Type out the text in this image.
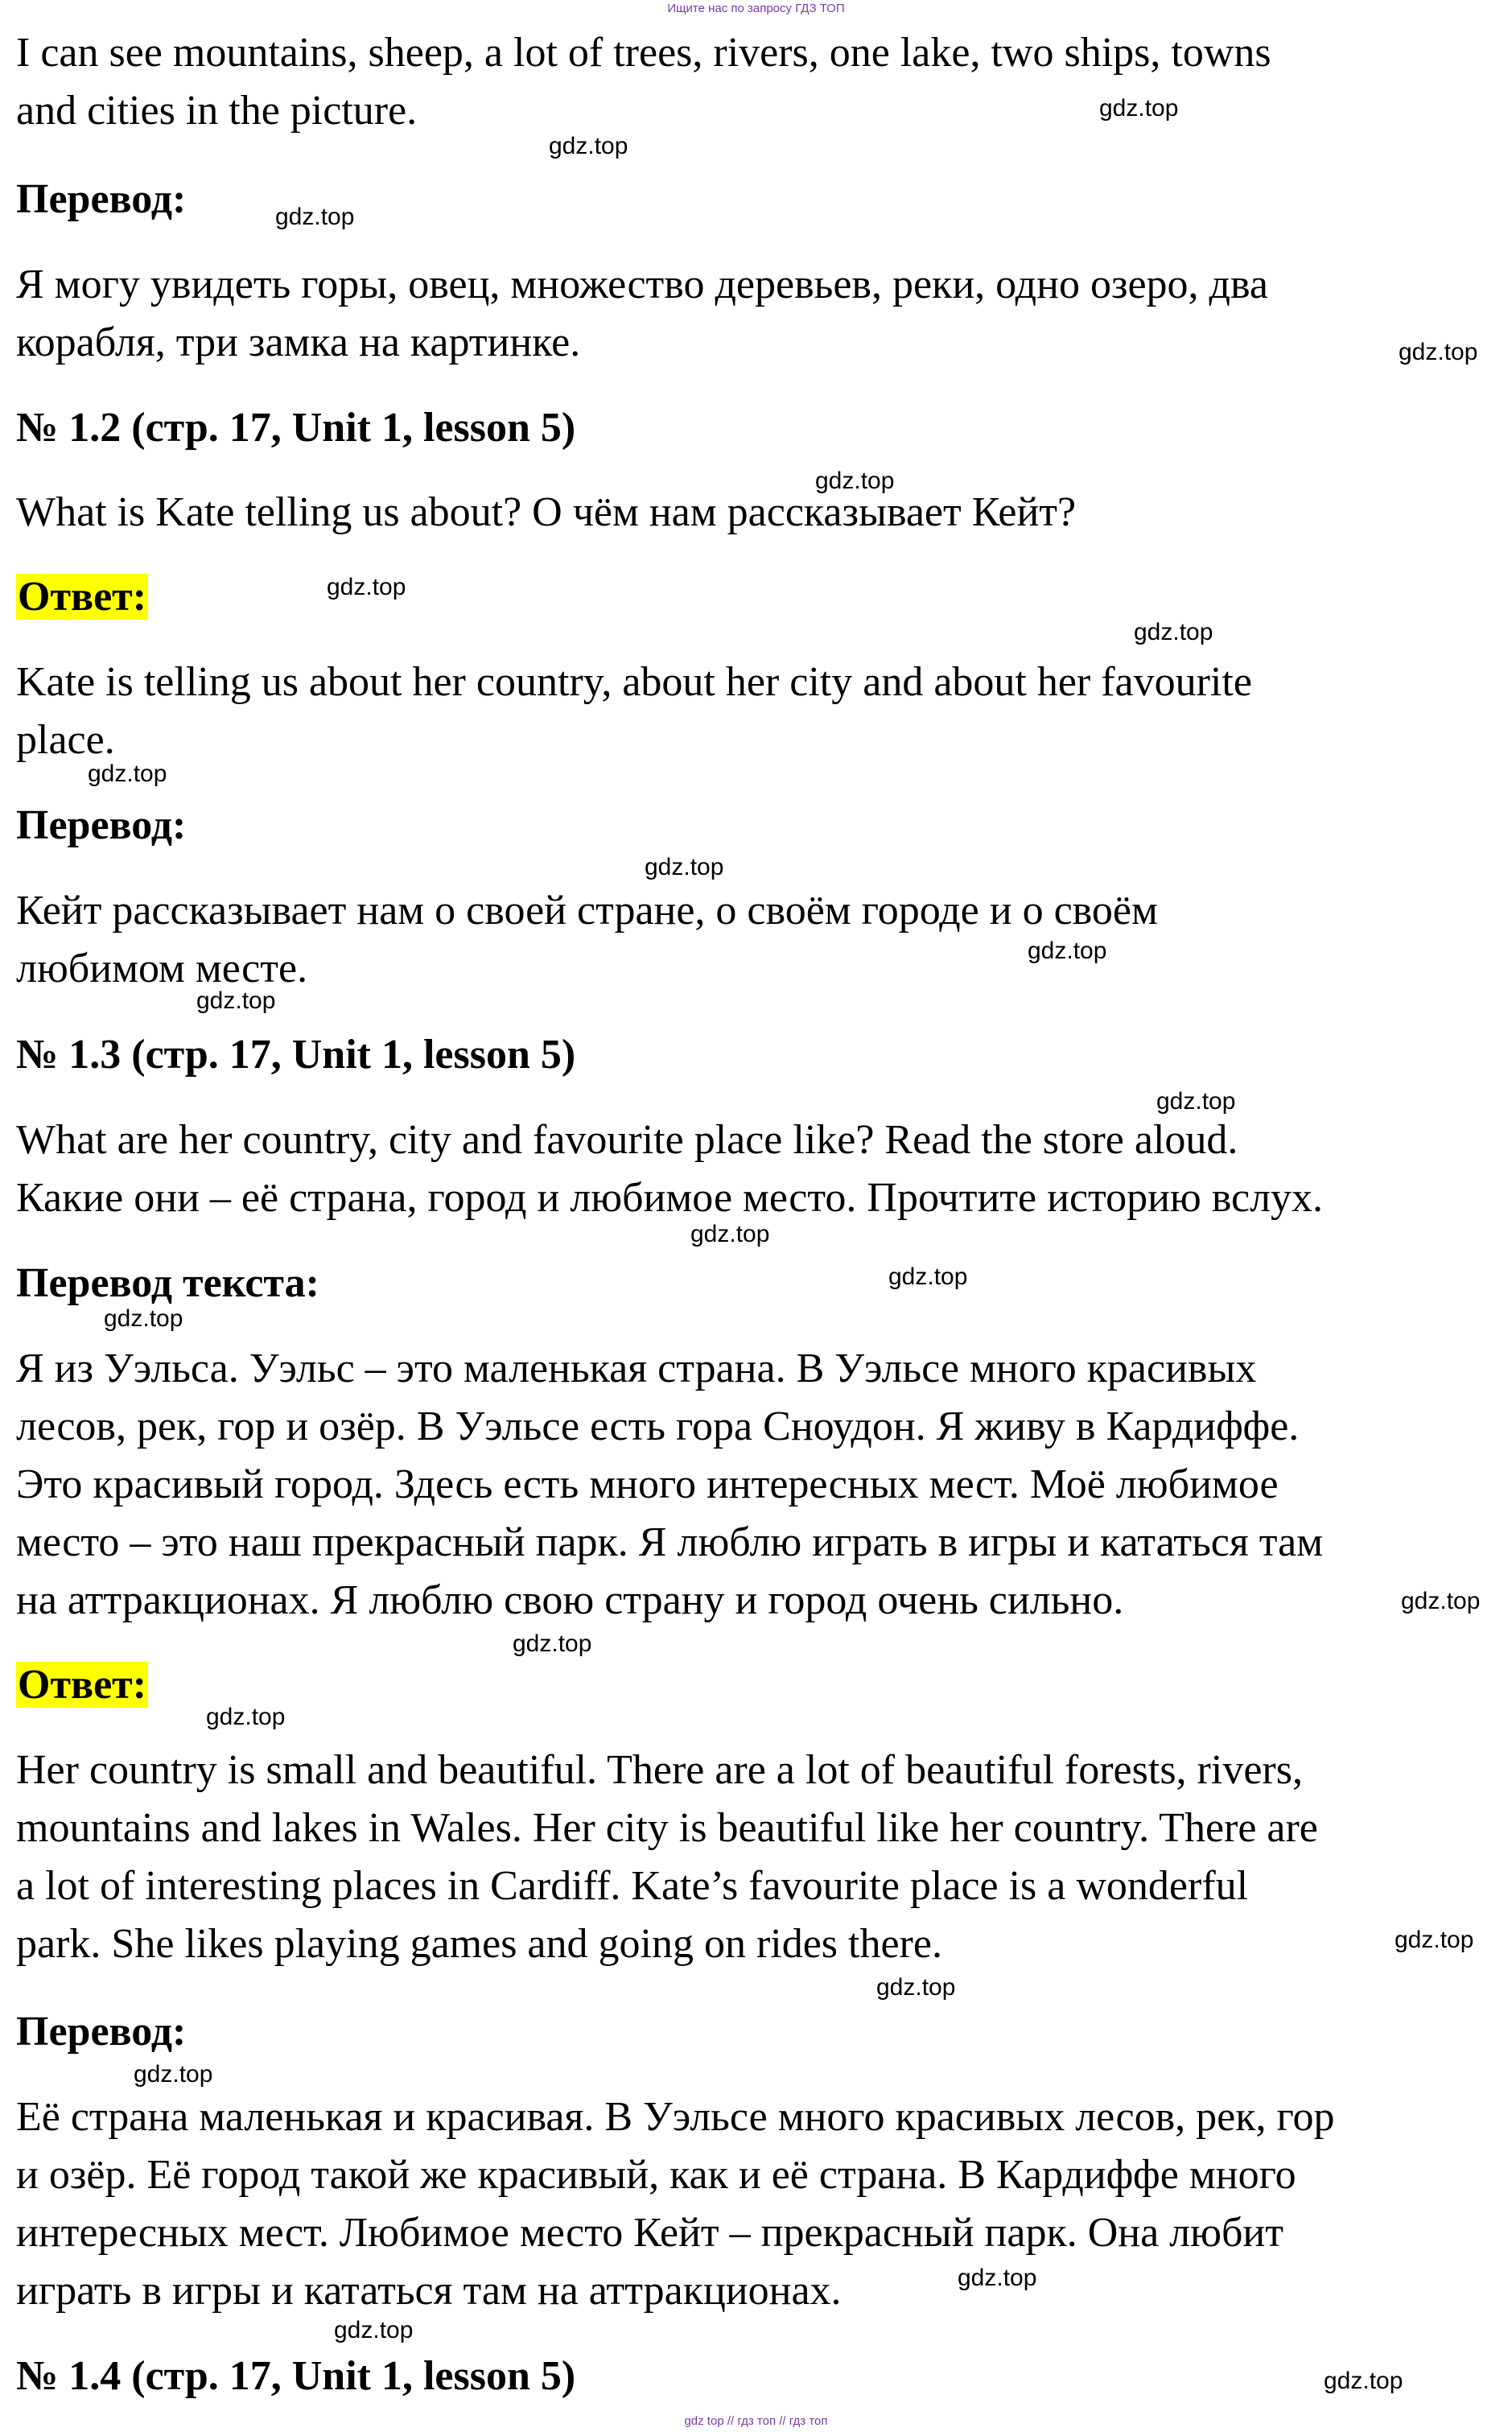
Ищите нас по запросу ГДЗ ТОП
I can see mountains, sheep, a lot of trees, rivers, one lake, two ships, towns
and cities in the picture.
Перевод:
Я могу увидеть горы, овец, множество деревьев, реки, одно озеро, два
корабля, три замка на картинке.
№ 1.2 (стр. 17, Unit 1, lesson 5)
What is Kate telling us about? О чём нам рассказывает Кейт?
Ответ:
Kate is telling us about her country, about her city and about her favourite
place.
Перевод:
Кейт рассказывает нам о своей стране, о своём городе и о своём
любимом месте.
№ 1.3 (стр. 17, Unit 1, lesson 5)
What are her country, city and favourite place like? Read the store aloud.
Какие они – её страна, город и любимое место. Прочтите историю вслух.
Перевод текста:
Я из Уэльса. Уэльс – это маленькая страна. В Уэльсе много красивых
лесов, рек, гор и озёр. В Уэльсе есть гора Сноудон. Я живу в Кардиффе.
Это красивый город. Здесь есть много интересных мест. Моё любимое
место – это наш прекрасный парк. Я люблю играть в игры и кататься там
на аттракционах. Я люблю свою страну и город очень сильно.
Ответ:
Her country is small and beautiful. There are a lot of beautiful forests, rivers,
mountains and lakes in Wales. Her city is beautiful like her country. There are
a lot of interesting places in Cardiff. Kate’s favourite place is a wonderful
park. She likes playing games and going on rides there.
Перевод:
Её страна маленькая и красивая. В Уэльсе много красивых лесов, рек, гор
и озёр. Её город такой же красивый, как и её страна. В Кардиффе много
интересных мест. Любимое место Кейт – прекрасный парк. Она любит
играть в игры и кататься там на аттракционах.
№ 1.4 (стр. 17, Unit 1, lesson 5)
gdz.top
gdz.top
gdz.top
gdz.top
gdz.top
gdz.top
gdz.top
gdz.top
gdz.top
gdz.top
gdz.top
gdz.top
gdz.top
gdz.top
gdz.top
gdz.top
gdz.top
gdz.top
gdz.top
gdz.top
gdz.top
gdz.top
gdz.top
gdz.top
gdz top // гдз топ // гдз топ
